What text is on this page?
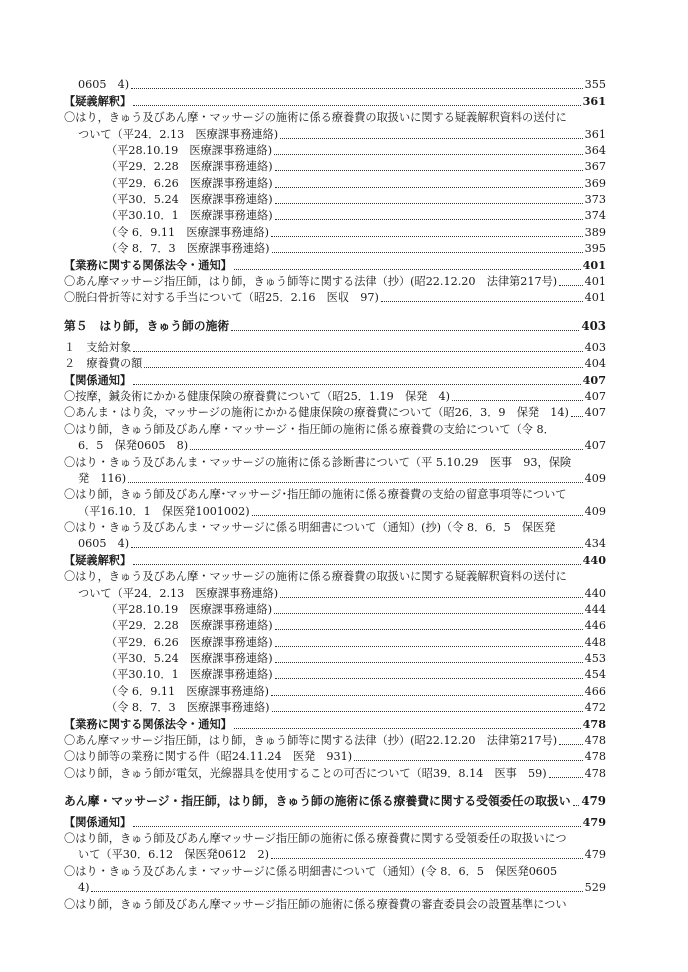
0605　4)	355
【疑義解釈】	361
〇はり，きゅう及びあん摩・マッサージの施術に係る療養費の取扱いに関する疑義解釈資料の送付に
ついて（平24．2.13　医療課事務連絡)	361
（平28.10.19　医療課事務連絡)	364
（平29．2.28　医療課事務連絡)	367
（平29．6.26　医療課事務連絡)	369
（平30．5.24　医療課事務連絡)	373
（平30.10．1　医療課事務連絡)	374
（令 6．9.11　医療課事務連絡)	389
（令 8．7．3　医療課事務連絡)	395
【業務に関する関係法令・通知】	401
〇あん摩マッサージ指圧師，はり師，きゅう師等に関する法律（抄）(昭22.12.20　法律第217号) 401
〇脱臼骨折等に対する手当について（昭25．2.16　医収　97)	401
第５　はり師，きゅう師の施術	403
１　支給対象	403
２　療養費の額	404
【関係通知】	407
〇按摩，鍼灸術にかかる健康保険の療養費について（昭25．1.19　保発　4)	407
〇あんま・はり灸，マッサージの施術にかかる健康保険の療養費について（昭26．3．9　保発　14) 407
〇はり師，きゅう師及びあん摩・マッサージ・指圧師の施術に係る療養費の支給について（令 8．
6．5　保発0605　8)	407
〇はり・きゅう及びあんま・マッサージの施術に係る診断書について（平 5.10.29　医事　93，保険
発　116)	409
〇はり師，きゅう師及びあん摩･マッサージ･指圧師の施術に係る療養費の支給の留意事項等について
（平16.10．1　保医発1001002)	409
〇はり・きゅう及びあんま・マッサージに係る明細書について（通知）(抄)（令 8．6．5　保医発
0605　4)	434
【疑義解釈】	440
〇はり，きゅう及びあん摩・マッサージの施術に係る療養費の取扱いに関する疑義解釈資料の送付に
ついて（平24．2.13　医療課事務連絡)	440
（平28.10.19　医療課事務連絡)	444
（平29．2.28　医療課事務連絡)	446
（平29．6.26　医療課事務連絡)	448
（平30．5.24　医療課事務連絡)	453
（平30.10．1　医療課事務連絡)	454
（令 6．9.11　医療課事務連絡)	466
（令 8．7．3　医療課事務連絡)	472
【業務に関する関係法令・通知】	478
〇あん摩マッサージ指圧師，はり師，きゅう師等に関する法律（抄）(昭22.12.20　法律第217号) 478
〇はり師等の業務に関する件（昭24.11.24　医発　931)	478
〇はり師，きゅう師が電気，光線器具を使用することの可否について（昭39．8.14　医事　59)	478
あん摩・マッサージ・指圧師，はり師，きゅう師の施術に係る療養費に関する受領委任の取扱い 479
【関係通知】	479
〇はり師，きゅう師及びあん摩マッサージ指圧師の施術に係る療養費に関する受領委任の取扱いにつ
いて（平30．6.12　保医発0612　2)	479
〇はり・きゅう及びあんま・マッサージに係る明細書について（通知）(令 8．6．5　保医発0605
4)	529
〇はり師，きゅう師及びあん摩マッサージ指圧師の施術に係る療養費の審査委員会の設置基準につい
